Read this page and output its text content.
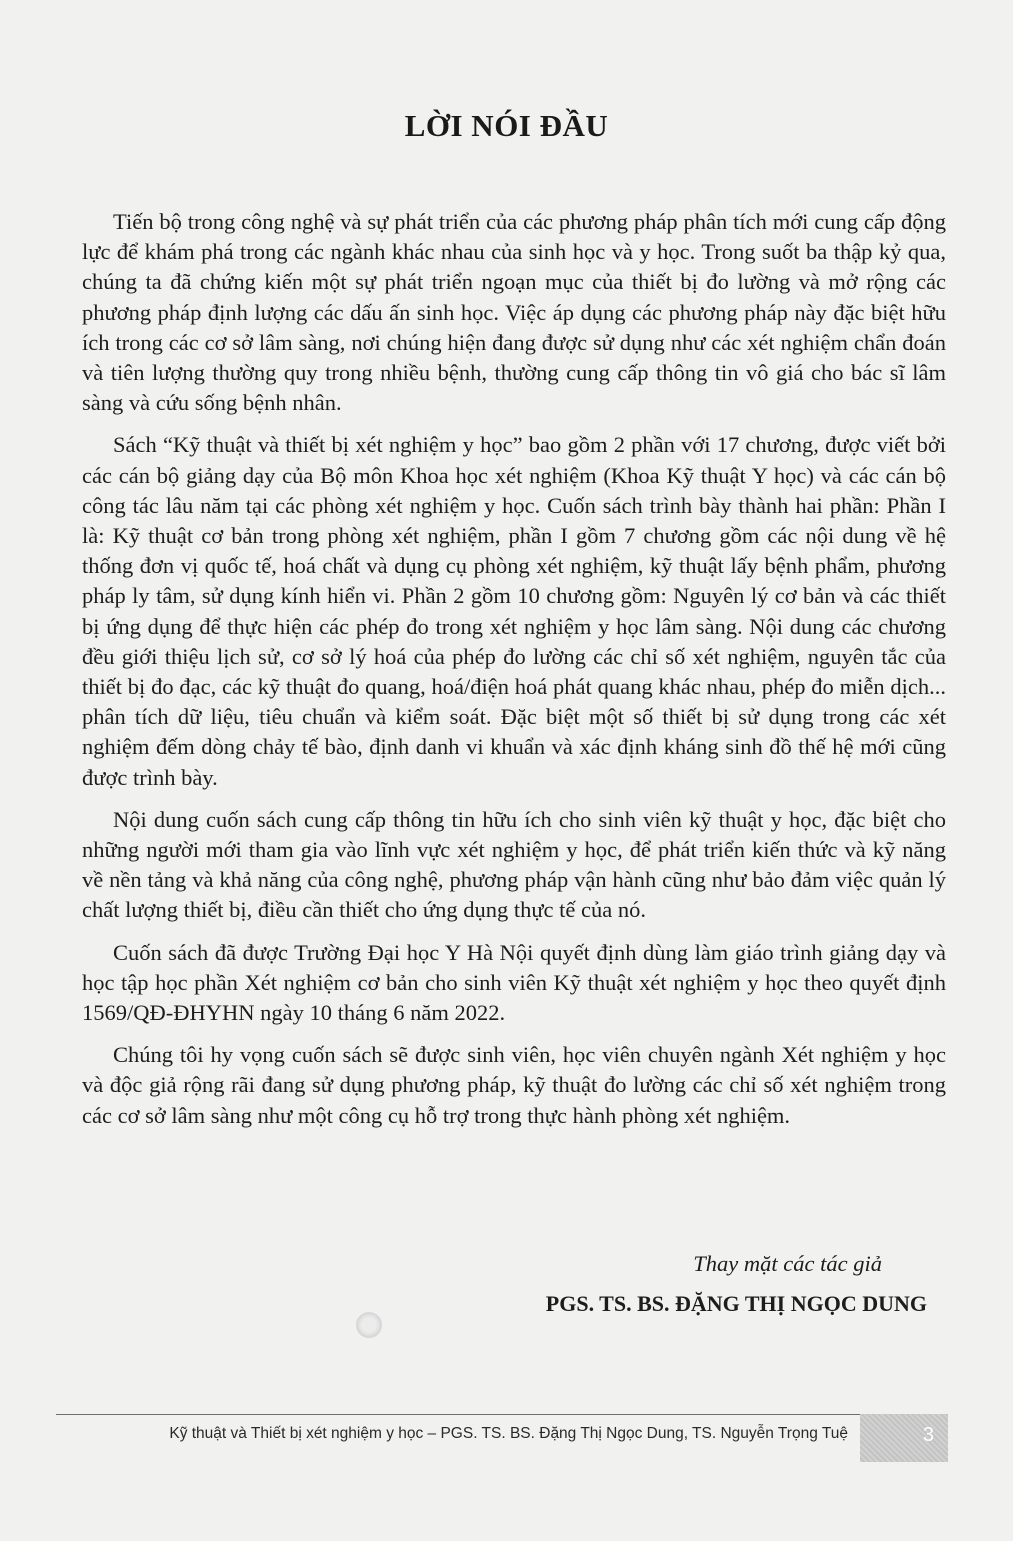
LỜI NÓI ĐẦU

Tiến bộ trong công nghệ và sự phát triển của các phương pháp phân tích mới cung cấp động lực để khám phá trong các ngành khác nhau của sinh học và y học. Trong suốt ba thập kỷ qua, chúng ta đã chứng kiến một sự phát triển ngoạn mục của thiết bị đo lường và mở rộng các phương pháp định lượng các dấu ấn sinh học. Việc áp dụng các phương pháp này đặc biệt hữu ích trong các cơ sở lâm sàng, nơi chúng hiện đang được sử dụng như các xét nghiệm chẩn đoán và tiên lượng thường quy trong nhiều bệnh, thường cung cấp thông tin vô giá cho bác sĩ lâm sàng và cứu sống bệnh nhân.

Sách “Kỹ thuật và thiết bị xét nghiệm y học” bao gồm 2 phần với 17 chương, được viết bởi các cán bộ giảng dạy của Bộ môn Khoa học xét nghiệm (Khoa Kỹ thuật Y học) và các cán bộ công tác lâu năm tại các phòng xét nghiệm y học. Cuốn sách trình bày thành hai phần: Phần I là: Kỹ thuật cơ bản trong phòng xét nghiệm, phần I gồm 7 chương gồm các nội dung về hệ thống đơn vị quốc tế, hoá chất và dụng cụ phòng xét nghiệm, kỹ thuật lấy bệnh phẩm, phương pháp ly tâm, sử dụng kính hiển vi. Phần 2 gồm 10 chương gồm: Nguyên lý cơ bản và các thiết bị ứng dụng để thực hiện các phép đo trong xét nghiệm y học lâm sàng. Nội dung các chương đều giới thiệu lịch sử, cơ sở lý hoá của phép đo lường các chỉ số xét nghiệm, nguyên tắc của thiết bị đo đạc, các kỹ thuật đo quang, hoá/điện hoá phát quang khác nhau, phép đo miễn dịch... phân tích dữ liệu, tiêu chuẩn và kiểm soát. Đặc biệt một số thiết bị sử dụng trong các xét nghiệm đếm dòng chảy tế bào, định danh vi khuẩn và xác định kháng sinh đồ thế hệ mới cũng được trình bày.

Nội dung cuốn sách cung cấp thông tin hữu ích cho sinh viên kỹ thuật y học, đặc biệt cho những người mới tham gia vào lĩnh vực xét nghiệm y học, để phát triển kiến thức và kỹ năng về nền tảng và khả năng của công nghệ, phương pháp vận hành cũng như bảo đảm việc quản lý chất lượng thiết bị, điều cần thiết cho ứng dụng thực tế của nó.

Cuốn sách đã được Trường Đại học Y Hà Nội quyết định dùng làm giáo trình giảng dạy và học tập học phần Xét nghiệm cơ bản cho sinh viên Kỹ thuật xét nghiệm y học theo quyết định 1569/QĐ-ĐHYHN ngày 10 tháng 6 năm 2022.

Chúng tôi hy vọng cuốn sách sẽ được sinh viên, học viên chuyên ngành Xét nghiệm y học và độc giả rộng rãi đang sử dụng phương pháp, kỹ thuật đo lường các chỉ số xét nghiệm trong các cơ sở lâm sàng như một công cụ hỗ trợ trong thực hành phòng xét nghiệm.

Thay mặt các tác giả

PGS. TS. BS. ĐẶNG THỊ NGỌC DUNG

Kỹ thuật và Thiết bị xét nghiệm y học – PGS. TS. BS. Đặng Thị Ngọc Dung, TS. Nguyễn Trọng Tuệ	3
